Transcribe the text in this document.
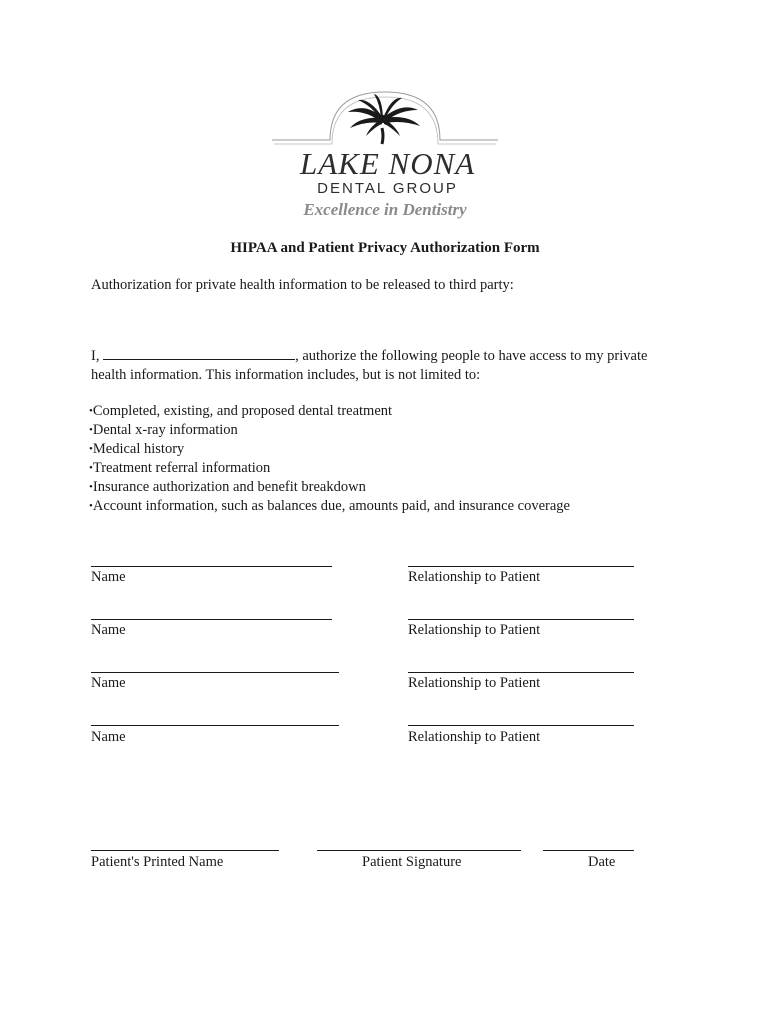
LAKE NONA
DENTAL GROUP
Excellence in Dentistry
HIPAA and Patient Privacy Authorization Form
Authorization for private health information to be released to third party:
I,	, authorize the following people to have access to my private
health information. This information includes, but is not limited to:
•Completed, existing, and proposed dental treatment
•Dental x-ray information
•Medical history
•Treatment referral information
•Insurance authorization and benefit breakdown
•Account information, such as balances due, amounts paid, and insurance coverage
Name	Relationship to Patient
Name	Relationship to Patient
Name	Relationship to Patient
Name	Relationship to Patient
Patient's Printed Name	Patient Signature	Date
